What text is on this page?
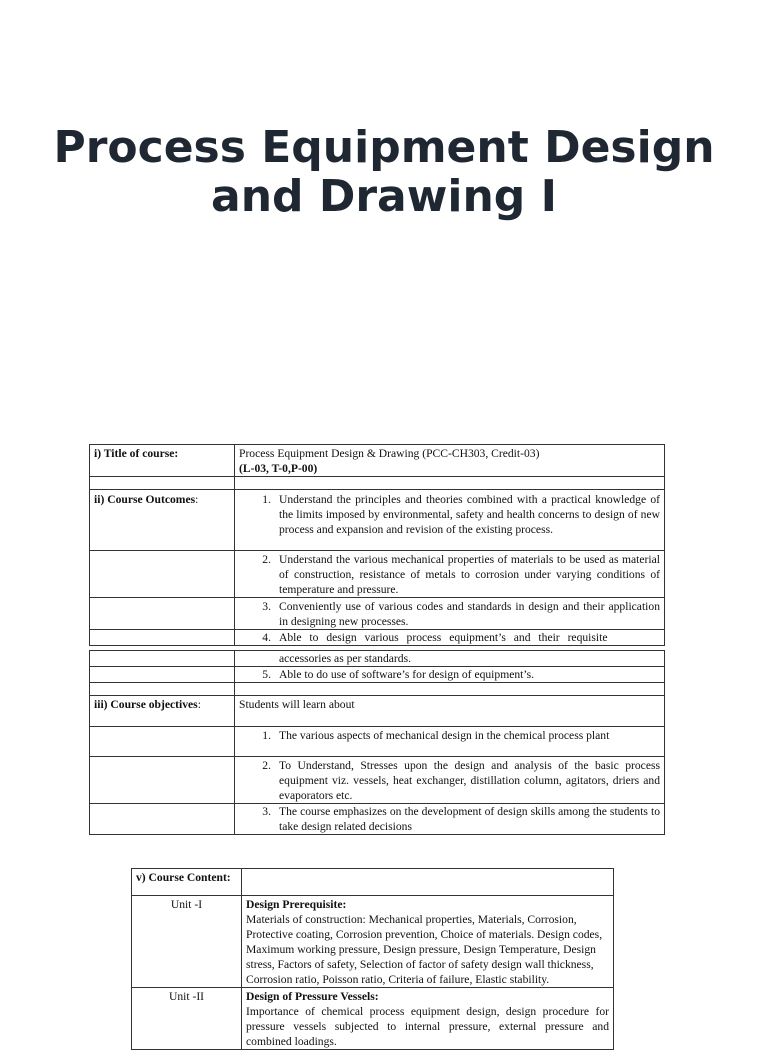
Process Equipment Design
and Drawing I
i) Title of course:	Process Equipment Design & Drawing (PCC-CH303, Credit-03)
(L-03, T-0,P-00)

ii) Course Outcomes:	1. Understand the principles and theories combined with a practical knowledge of the limits imposed by environmental, safety and health concerns to design of new process and expansion and revision of the existing process.

	2. Understand the various mechanical properties of materials to be used as material of construction, resistance of metals to corrosion under varying conditions of temperature and pressure.

	3. Conveniently use of various codes and standards in design and their application in designing new processes.

	4. Able to design various process equipment’s and their requisite
	accessories as per standards.

	5. Able to do use of software’s for design of equipment’s.

iii) Course objectives:	Students will learn about

	1. The various aspects of mechanical design in the chemical process plant

	2. To Understand, Stresses upon the design and analysis of the basic process equipment viz. vessels, heat exchanger, distillation column, agitators, driers and evaporators etc.

	3. The course emphasizes on the development of design skills among the students to take design related decisions
v) Course Content:	
Unit -I	Design Prerequisite:
Materials of construction: Mechanical properties, Materials, Corrosion, Protective coating, Corrosion prevention, Choice of materials. Design codes, Maximum working pressure, Design pressure, Design Temperature, Design stress, Factors of safety, Selection of factor of safety design wall thickness, Corrosion ratio, Poisson ratio, Criteria of failure, Elastic stability.

Unit -II	Design of Pressure Vessels:
Importance of chemical process equipment design, design procedure for pressure vessels subjected to internal pressure, external pressure and combined loadings.
